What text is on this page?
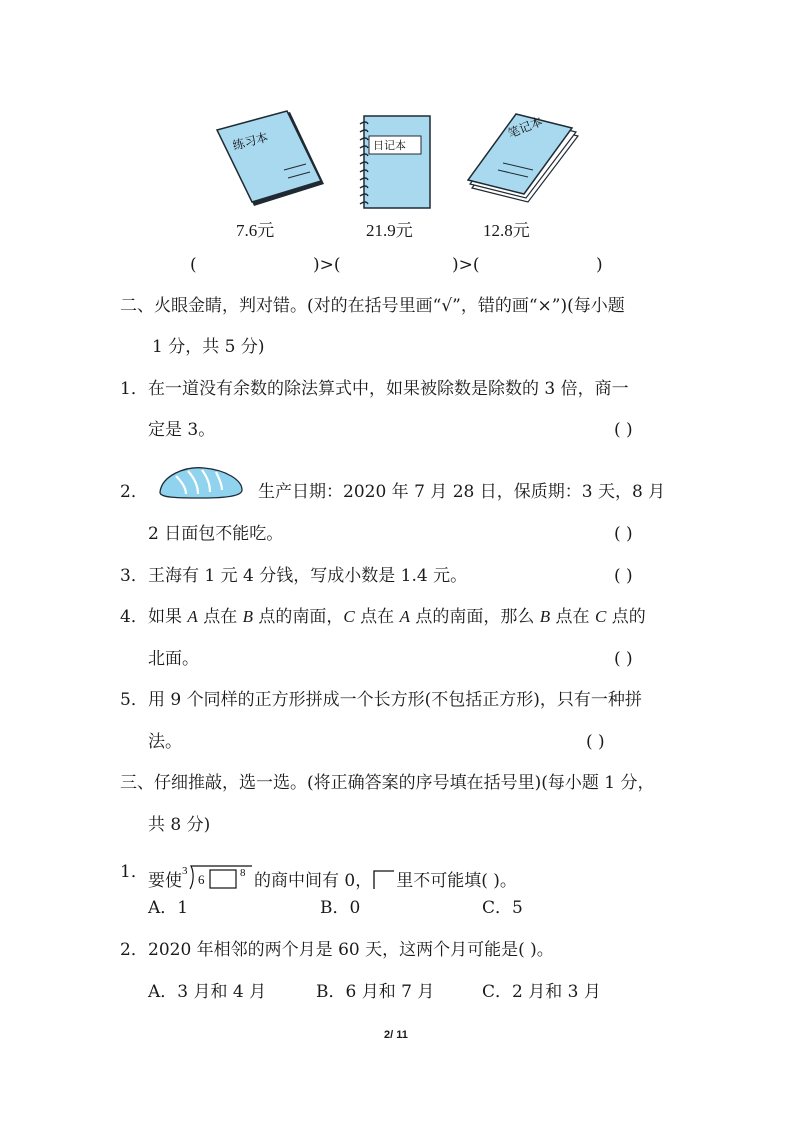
练习本	日记本
笔记本
7.6元	21.9元	12.8元
(	)>(	)>(	)
二、火眼金睛，判对错。(对的在括号里画“√”，错的画“×”)(每小题
1 分，共 5 分)
1． 在一道没有余数的除法算式中，如果被除数是除数的 3 倍，商一
定是 3。	( )
2．	生产日期：2020 年 7 月 28 日，保质期：3 天，8 月
2 日面包不能吃。	( )
3． 王海有 1 元 4 分钱，写成小数是 1.4 元。	( )
4． 如果 A 点在 B 点的南面，C 点在 A 点的南面，那么 B 点在 C 点的
北面。	( )
5． 用 9 个同样的正方形拼成一个长方形(不包括正方形)，只有一种拼
法。	( )
三、仔细推敲，选一选。(将正确答案的序号填在括号里)(每小题 1 分，
共 8 分)
1． 要使 3
6	8 的商中间有 0， 里不可能填( )。
A．1	B．0	C．5
2． 2020 年相邻的两个月是 60 天，这两个月可能是( )。
A．3 月和 4 月	B．6 月和 7 月	C．2 月和 3 月
2/ 11
